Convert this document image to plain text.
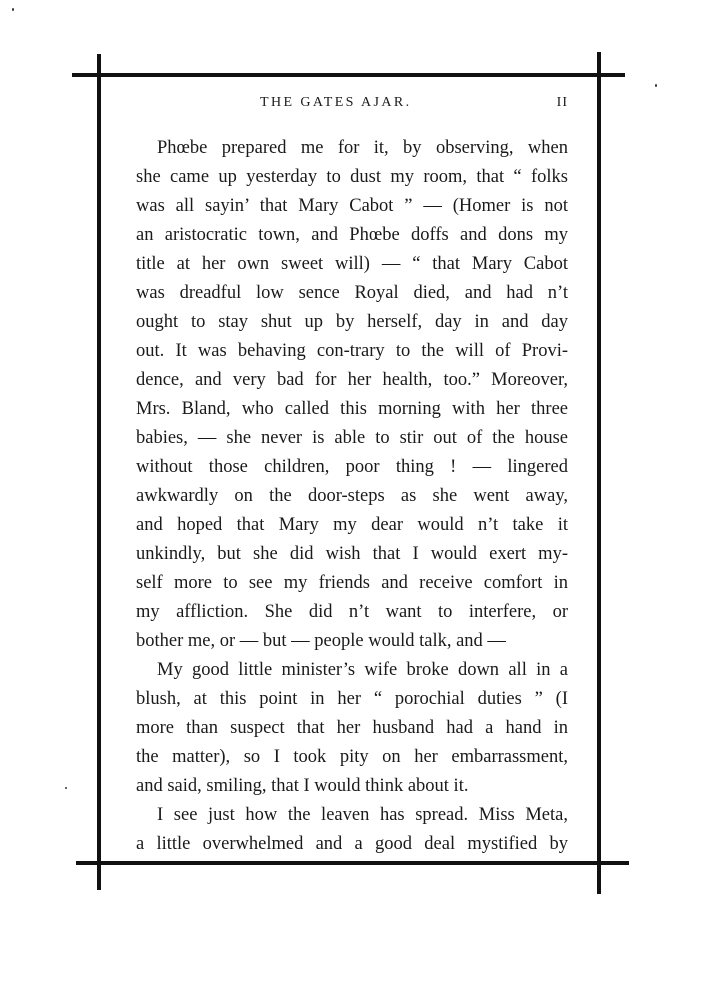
THE GATES AJAR.	II
Phœbe prepared me for it, by observing, when
she came up yesterday to dust my room, that “ folks
was all sayin’ that Mary Cabot ” — (Homer is not
an aristocratic town, and Phœbe doffs and dons my
title at her own sweet will) — “ that Mary Cabot
was dreadful low sence Royal died, and had n’t
ought to stay shut up by herself, day in and day
out. It was behaving con-trary to the will of Provi-
dence, and very bad for her health, too.” Moreover,
Mrs. Bland, who called this morning with her three
babies, — she never is able to stir out of the house
without those children, poor thing ! — lingered
awkwardly on the door-steps as she went away,
and hoped that Mary my dear would n’t take it
unkindly, but she did wish that I would exert my-
self more to see my friends and receive comfort in
my affliction. She did n’t want to interfere, or
bother me, or — but — people would talk, and —
My good little minister’s wife broke down all in a
blush, at this point in her “ porochial duties ” (I
more than suspect that her husband had a hand in
the matter), so I took pity on her embarrassment,
and said, smiling, that I would think about it.
I see just how the leaven has spread. Miss Meta,
a little overwhelmed and a good deal mystified by
